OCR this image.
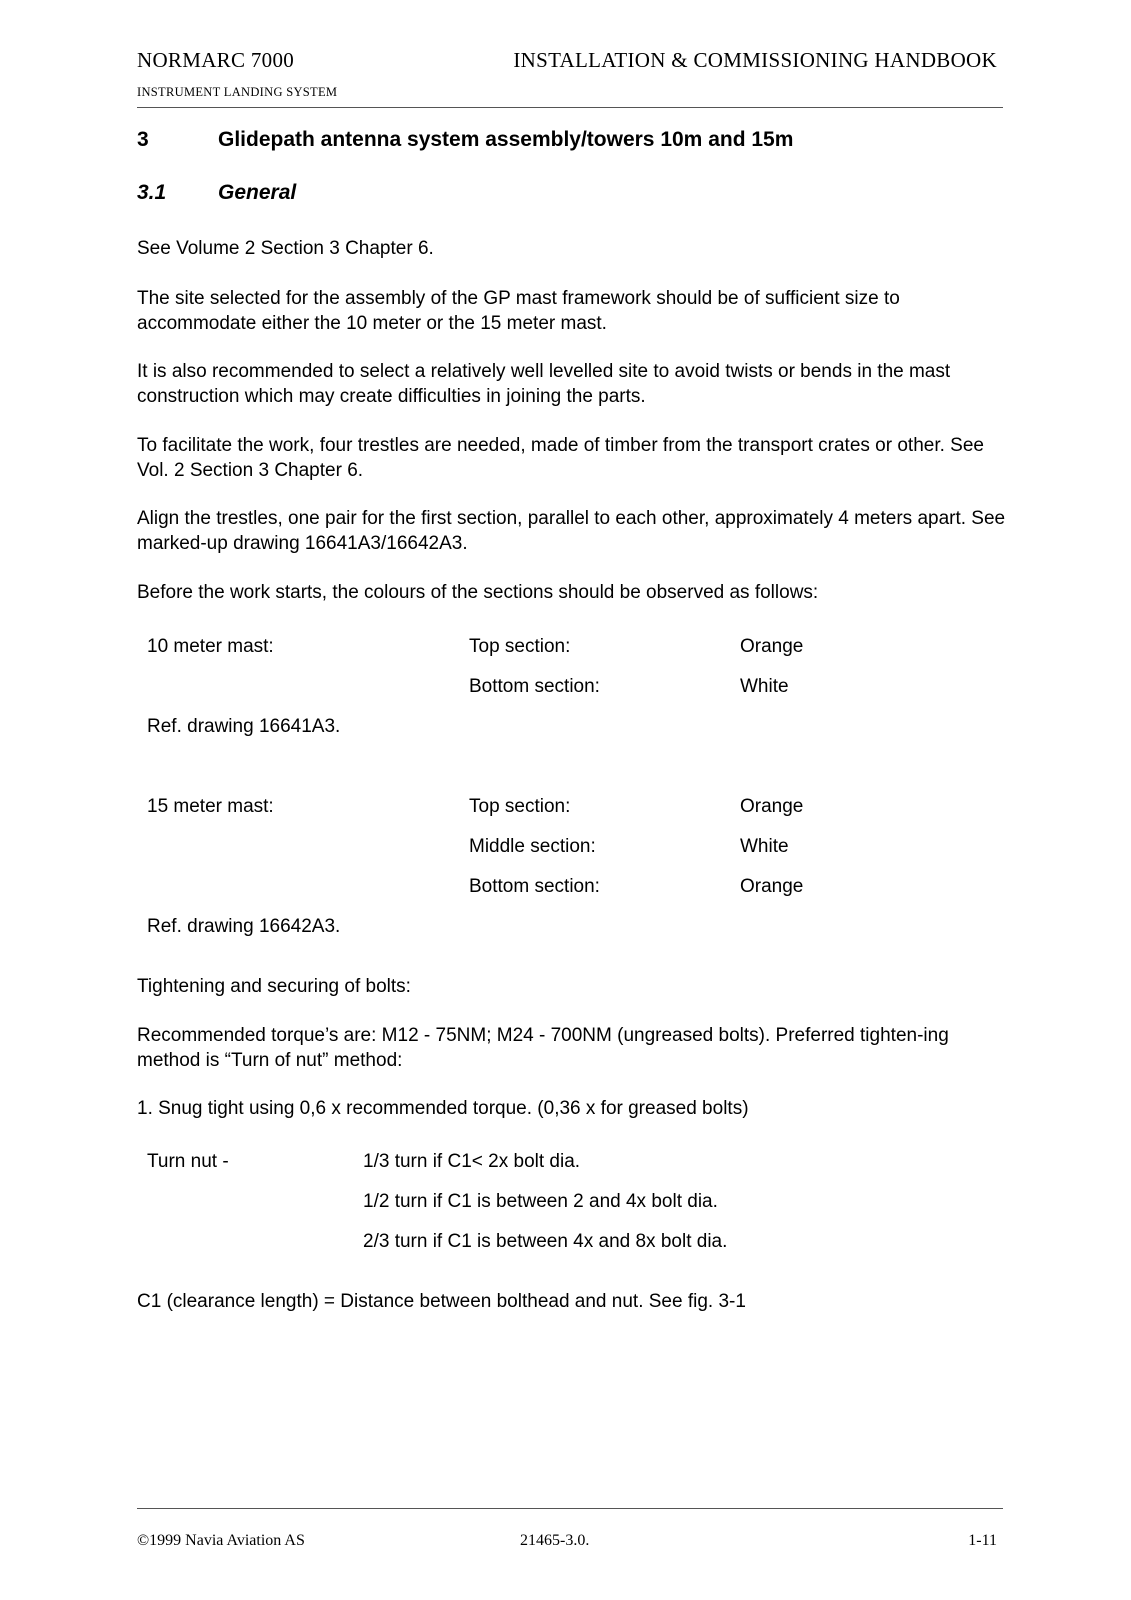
NORMARC 7000	INSTALLATION & COMMISSIONING HANDBOOK
INSTRUMENT LANDING SYSTEM
3	Glidepath antenna system assembly/towers 10m and 15m
3.1 General
See Volume 2 Section 3 Chapter 6.
The site selected for the assembly of the GP mast framework should be of sufficient size to accommodate either the 10 meter or the 15 meter mast.
It is also recommended to select a relatively well levelled site to avoid twists or bends in the mast construction which may create difficulties in joining the parts.
To facilitate the work, four trestles are needed, made of timber from the transport crates or other. See Vol. 2 Section 3 Chapter 6.
Align the trestles, one pair for the first section, parallel to each other, approximately 4 meters apart. See marked-up drawing 16641A3/16642A3.
Before the work starts, the colours of the sections should be observed as follows:
10 meter mast:	Top section:	Orange
Bottom section:	White
Ref. drawing 16641A3.
15 meter mast:	Top section:	Orange
Middle section:	White
Bottom section:	Orange
Ref. drawing 16642A3.
Tightening and securing of bolts:
Recommended torque’s are: M12 - 75NM; M24 - 700NM (ungreased bolts). Preferred tighten-ing method is “Turn of nut” method:
1. Snug tight using 0,6 x recommended torque. (0,36 x for greased bolts)
Turn nut -	1/3 turn if C1< 2x bolt dia.
1/2 turn if C1 is between 2 and 4x bolt dia.
2/3 turn if C1 is between 4x and 8x bolt dia.
C1 (clearance length) = Distance between bolthead and nut. See fig. 3-1
©1999 Navia Aviation AS	21465-3.0.	1-11
